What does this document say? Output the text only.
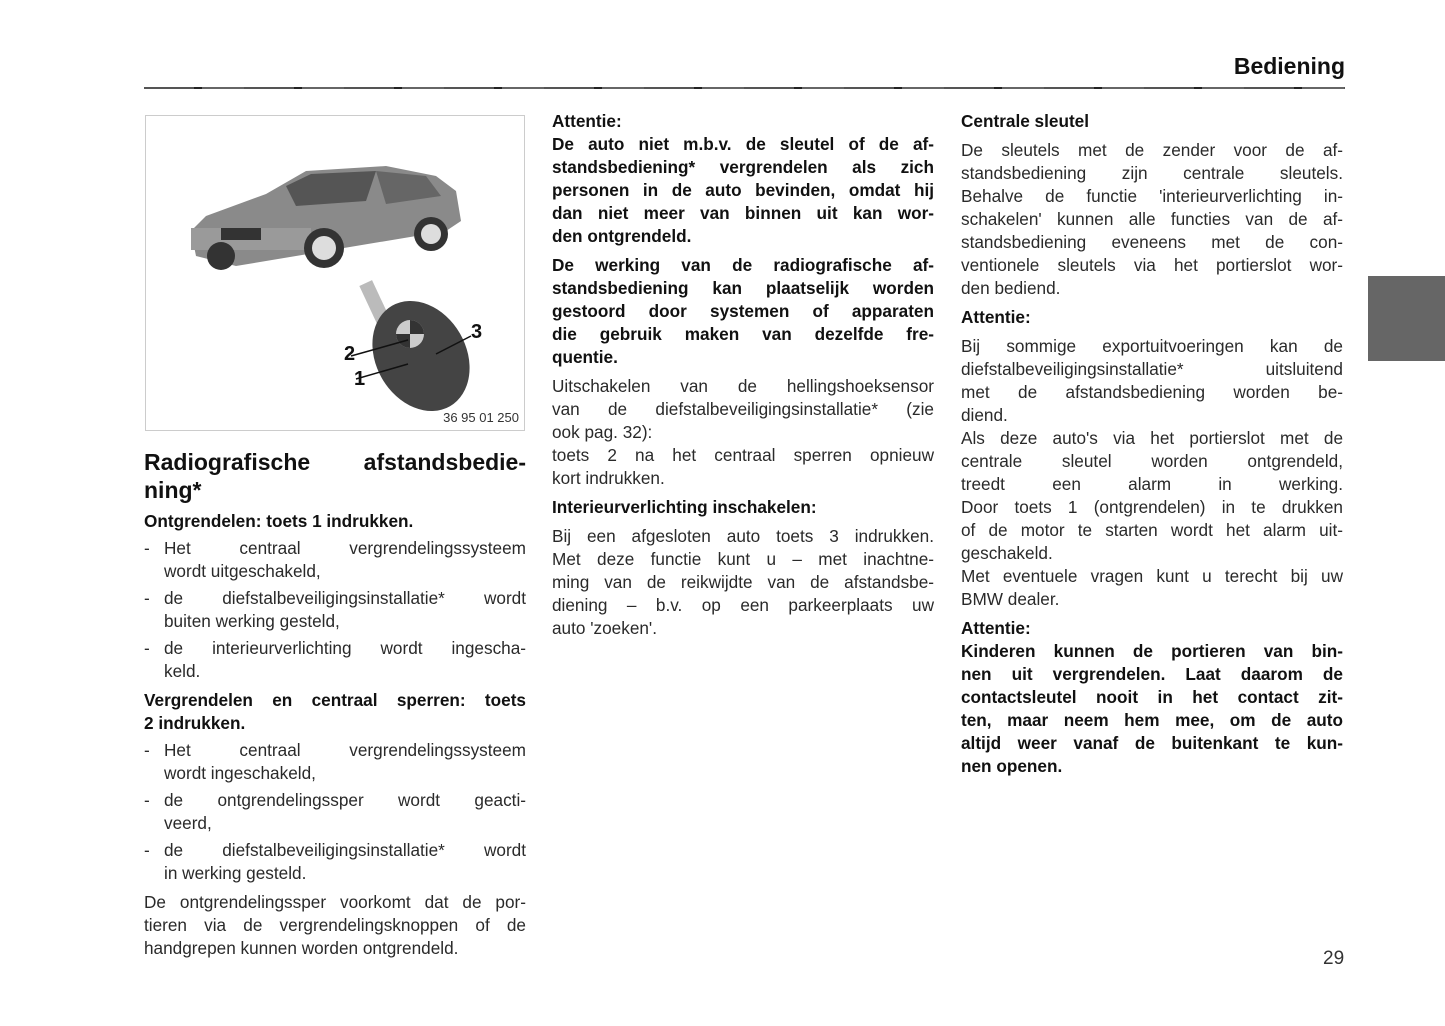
Bediening
2
1
3
36 95 01 250
Radiografische afstandsbedie-
ning*
Ontgrendelen: toets 1 indrukken.
- Het centraal vergrendelingssysteem
wordt uitgeschakeld,
- de diefstalbeveiligingsinstallatie* wordt
buiten werking gesteld,
- de interieurverlichting wordt ingescha-
keld.
Vergrendelen en centraal sperren: toets
2 indrukken.
- Het centraal vergrendelingssysteem
wordt ingeschakeld,
- de ontgrendelingssper wordt geacti-
veerd,
- de diefstalbeveiligingsinstallatie* wordt
in werking gesteld.
De ontgrendelingssper voorkomt dat de por-
tieren via de vergrendelingsknoppen of de
handgrepen kunnen worden ontgrendeld.
Attentie:
De auto niet m.b.v. de sleutel of de af-
standsbediening* vergrendelen als zich
personen in de auto bevinden, omdat hij
dan niet meer van binnen uit kan wor-
den ontgrendeld.
De werking van de radiografische af-
standsbediening kan plaatselijk worden
gestoord door systemen of apparaten
die gebruik maken van dezelfde fre-
quentie.
Uitschakelen van de hellingshoeksensor
van de diefstalbeveiligingsinstallatie* (zie
ook pag. 32):
toets 2 na het centraal sperren opnieuw
kort indrukken.
Interieurverlichting inschakelen:
Bij een afgesloten auto toets 3 indrukken.
Met deze functie kunt u – met inachtne-
ming van de reikwijdte van de afstandsbe-
diening – b.v. op een parkeerplaats uw
auto 'zoeken'.
Centrale sleutel
De sleutels met de zender voor de af-
standsbediening zijn centrale sleutels.
Behalve de functie 'interieurverlichting in-
schakelen' kunnen alle functies van de af-
standsbediening eveneens met de con-
ventionele sleutels via het portierslot wor-
den bediend.
Attentie:
Bij sommige exportuitvoeringen kan de
diefstalbeveiligingsinstallatie* uitsluitend
met de afstandsbediening worden be-
diend.
Als deze auto's via het portierslot met de
centrale sleutel worden ontgrendeld,
treedt een alarm in werking.
Door toets 1 (ontgrendelen) in te drukken
of de motor te starten wordt het alarm uit-
geschakeld.
Met eventuele vragen kunt u terecht bij uw
BMW dealer.
Attentie:
Kinderen kunnen de portieren van bin-
nen uit vergrendelen. Laat daarom de
contactsleutel nooit in het contact zit-
ten, maar neem hem mee, om de auto
altijd weer vanaf de buitenkant te kun-
nen openen.
29
